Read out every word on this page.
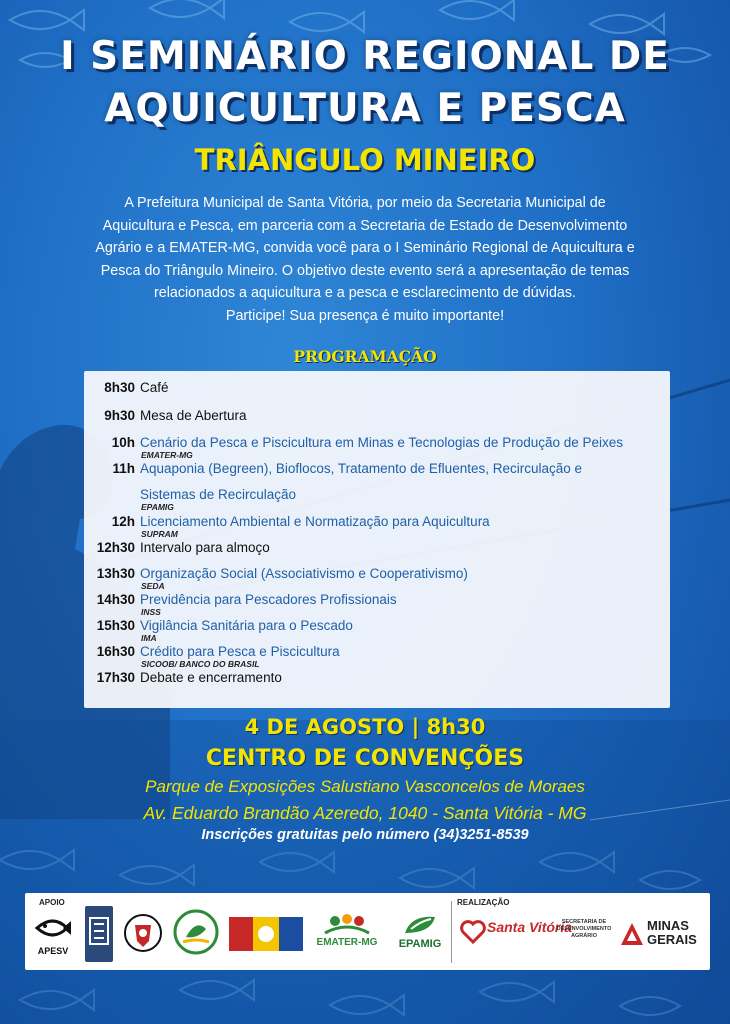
I SEMINÁRIO REGIONAL DE
AQUICULTURA E PESCA
TRIÂNGULO MINEIRO
A Prefeitura Municipal de Santa Vitória, por meio da Secretaria Municipal de
Aquicultura e Pesca, em parceria com a Secretaria de Estado de Desenvolvimento
Agrário e a EMATER-MG, convida você para o I Seminário Regional de Aquicultura e
Pesca do Triângulo Mineiro. O objetivo deste evento será a apresentação de temas
relacionados a aquicultura e a pesca e esclarecimento de dúvidas.
Participe! Sua presença é muito importante!
PROGRAMAÇÃO
8h30 Café
9h30 Mesa de Abertura
10h Cenário da Pesca e Piscicultura em Minas e Tecnologias de Produção de Peixes
EMATER-MG
11h Aquaponia (Begreen), Bioflocos, Tratamento de Efluentes, Recirculação e
Sistemas de Recirculação
EPAMIG
12h Licenciamento Ambiental e Normatização para Aquicultura
SUPRAM
12h30 Intervalo para almoço
13h30 Organização Social (Associativismo e Cooperativismo)
SEDA
14h30 Previdência para Pescadores Profissionais
INSS
15h30 Vigilância Sanitária para o Pescado
IMA
16h30 Crédito para Pesca e Piscicultura
SICOOB/ BANCO DO BRASIL
17h30 Debate e encerramento
4 DE AGOSTO | 8h30
CENTRO DE CONVENÇÕES
Parque de Exposições Salustiano Vasconcelos de Moraes
Av. Eduardo Brandão Azeredo, 1040 - Santa Vitória - MG
Inscrições gratuitas pelo número (34)3251-8539
APOIO	REALIZAÇÃO
APESV
EMATER-MG	EPAMIG
Santa Vitória
SECRETARIA DE DESENVOLVIMENTO AGRÁRIO
MINAS
GERAIS
